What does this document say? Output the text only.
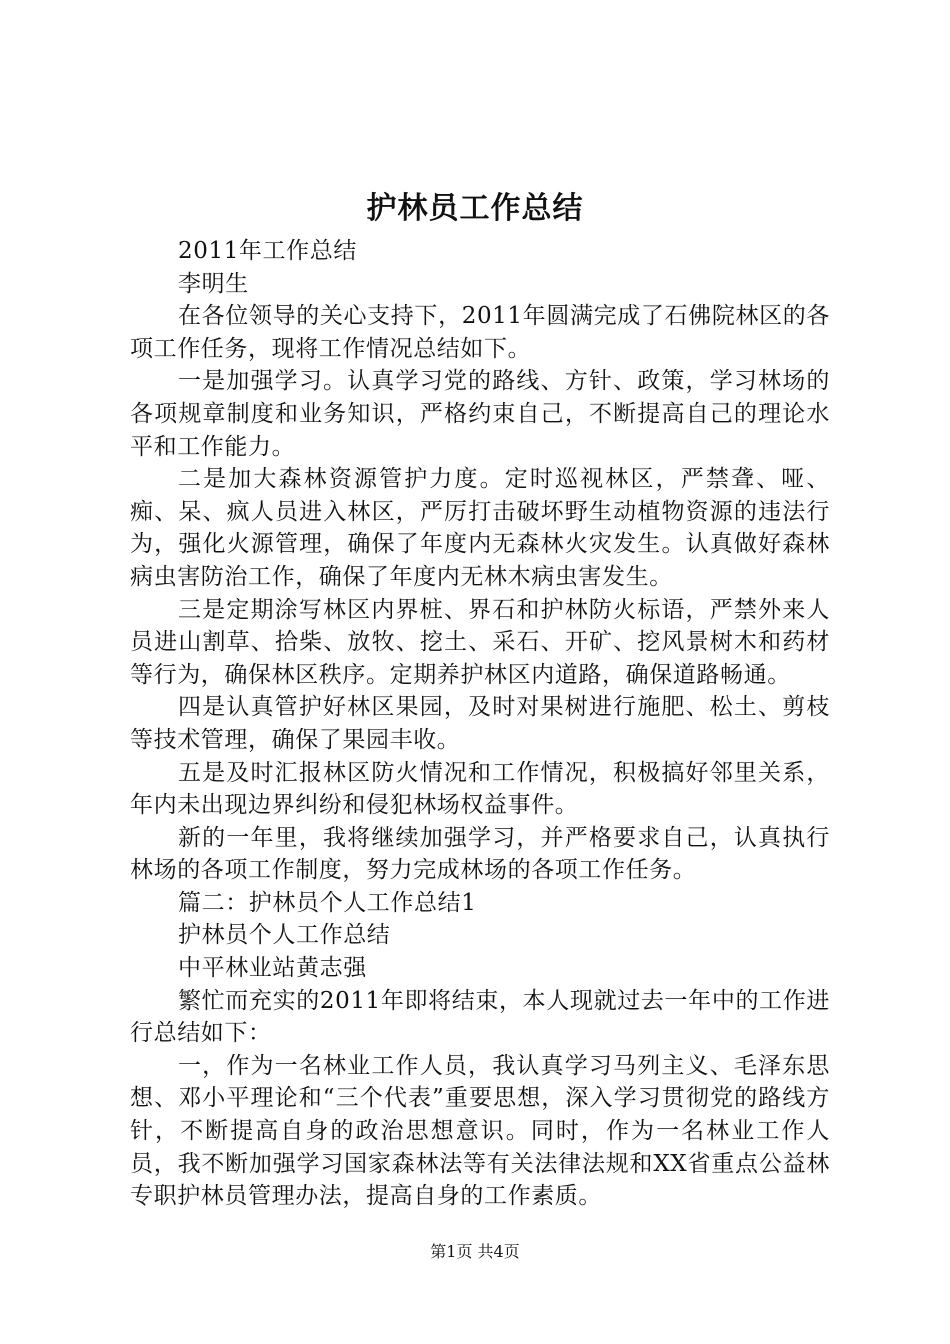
护林员工作总结

2011年工作总结

李明生

在各位领导的关心支持下，2011年圆满完成了石佛院林区的各项工作任务，现将工作情况总结如下。

一是加强学习。认真学习党的路线、方针、政策，学习林场的各项规章制度和业务知识，严格约束自己，不断提高自己的理论水平和工作能力。

二是加大森林资源管护力度。定时巡视林区，严禁聋、哑、痴、呆、疯人员进入林区，严厉打击破坏野生动植物资源的违法行为，强化火源管理，确保了年度内无森林火灾发生。认真做好森林病虫害防治工作，确保了年度内无林木病虫害发生。

三是定期涂写林区内界桩、界石和护林防火标语，严禁外来人员进山割草、拾柴、放牧、挖土、采石、开矿、挖风景树木和药材等行为，确保林区秩序。定期养护林区内道路，确保道路畅通。

四是认真管护好林区果园，及时对果树进行施肥、松土、剪枝等技术管理，确保了果园丰收。

五是及时汇报林区防火情况和工作情况，积极搞好邻里关系，年内未出现边界纠纷和侵犯林场权益事件。

新的一年里，我将继续加强学习，并严格要求自己，认真执行林场的各项工作制度，努力完成林场的各项工作任务。

篇二：护林员个人工作总结1

护林员个人工作总结

中平林业站黄志强

繁忙而充实的2011年即将结束，本人现就过去一年中的工作进行总结如下：

一，作为一名林业工作人员，我认真学习马列主义、毛泽东思想、邓小平理论和“三个代表”重要思想，深入学习贯彻党的路线方针，不断提高自身的政治思想意识。同时，作为一名林业工作人员，我不断加强学习国家森林法等有关法律法规和XX省重点公益林专职护林员管理办法，提高自身的工作素质。

第1页 共4页
